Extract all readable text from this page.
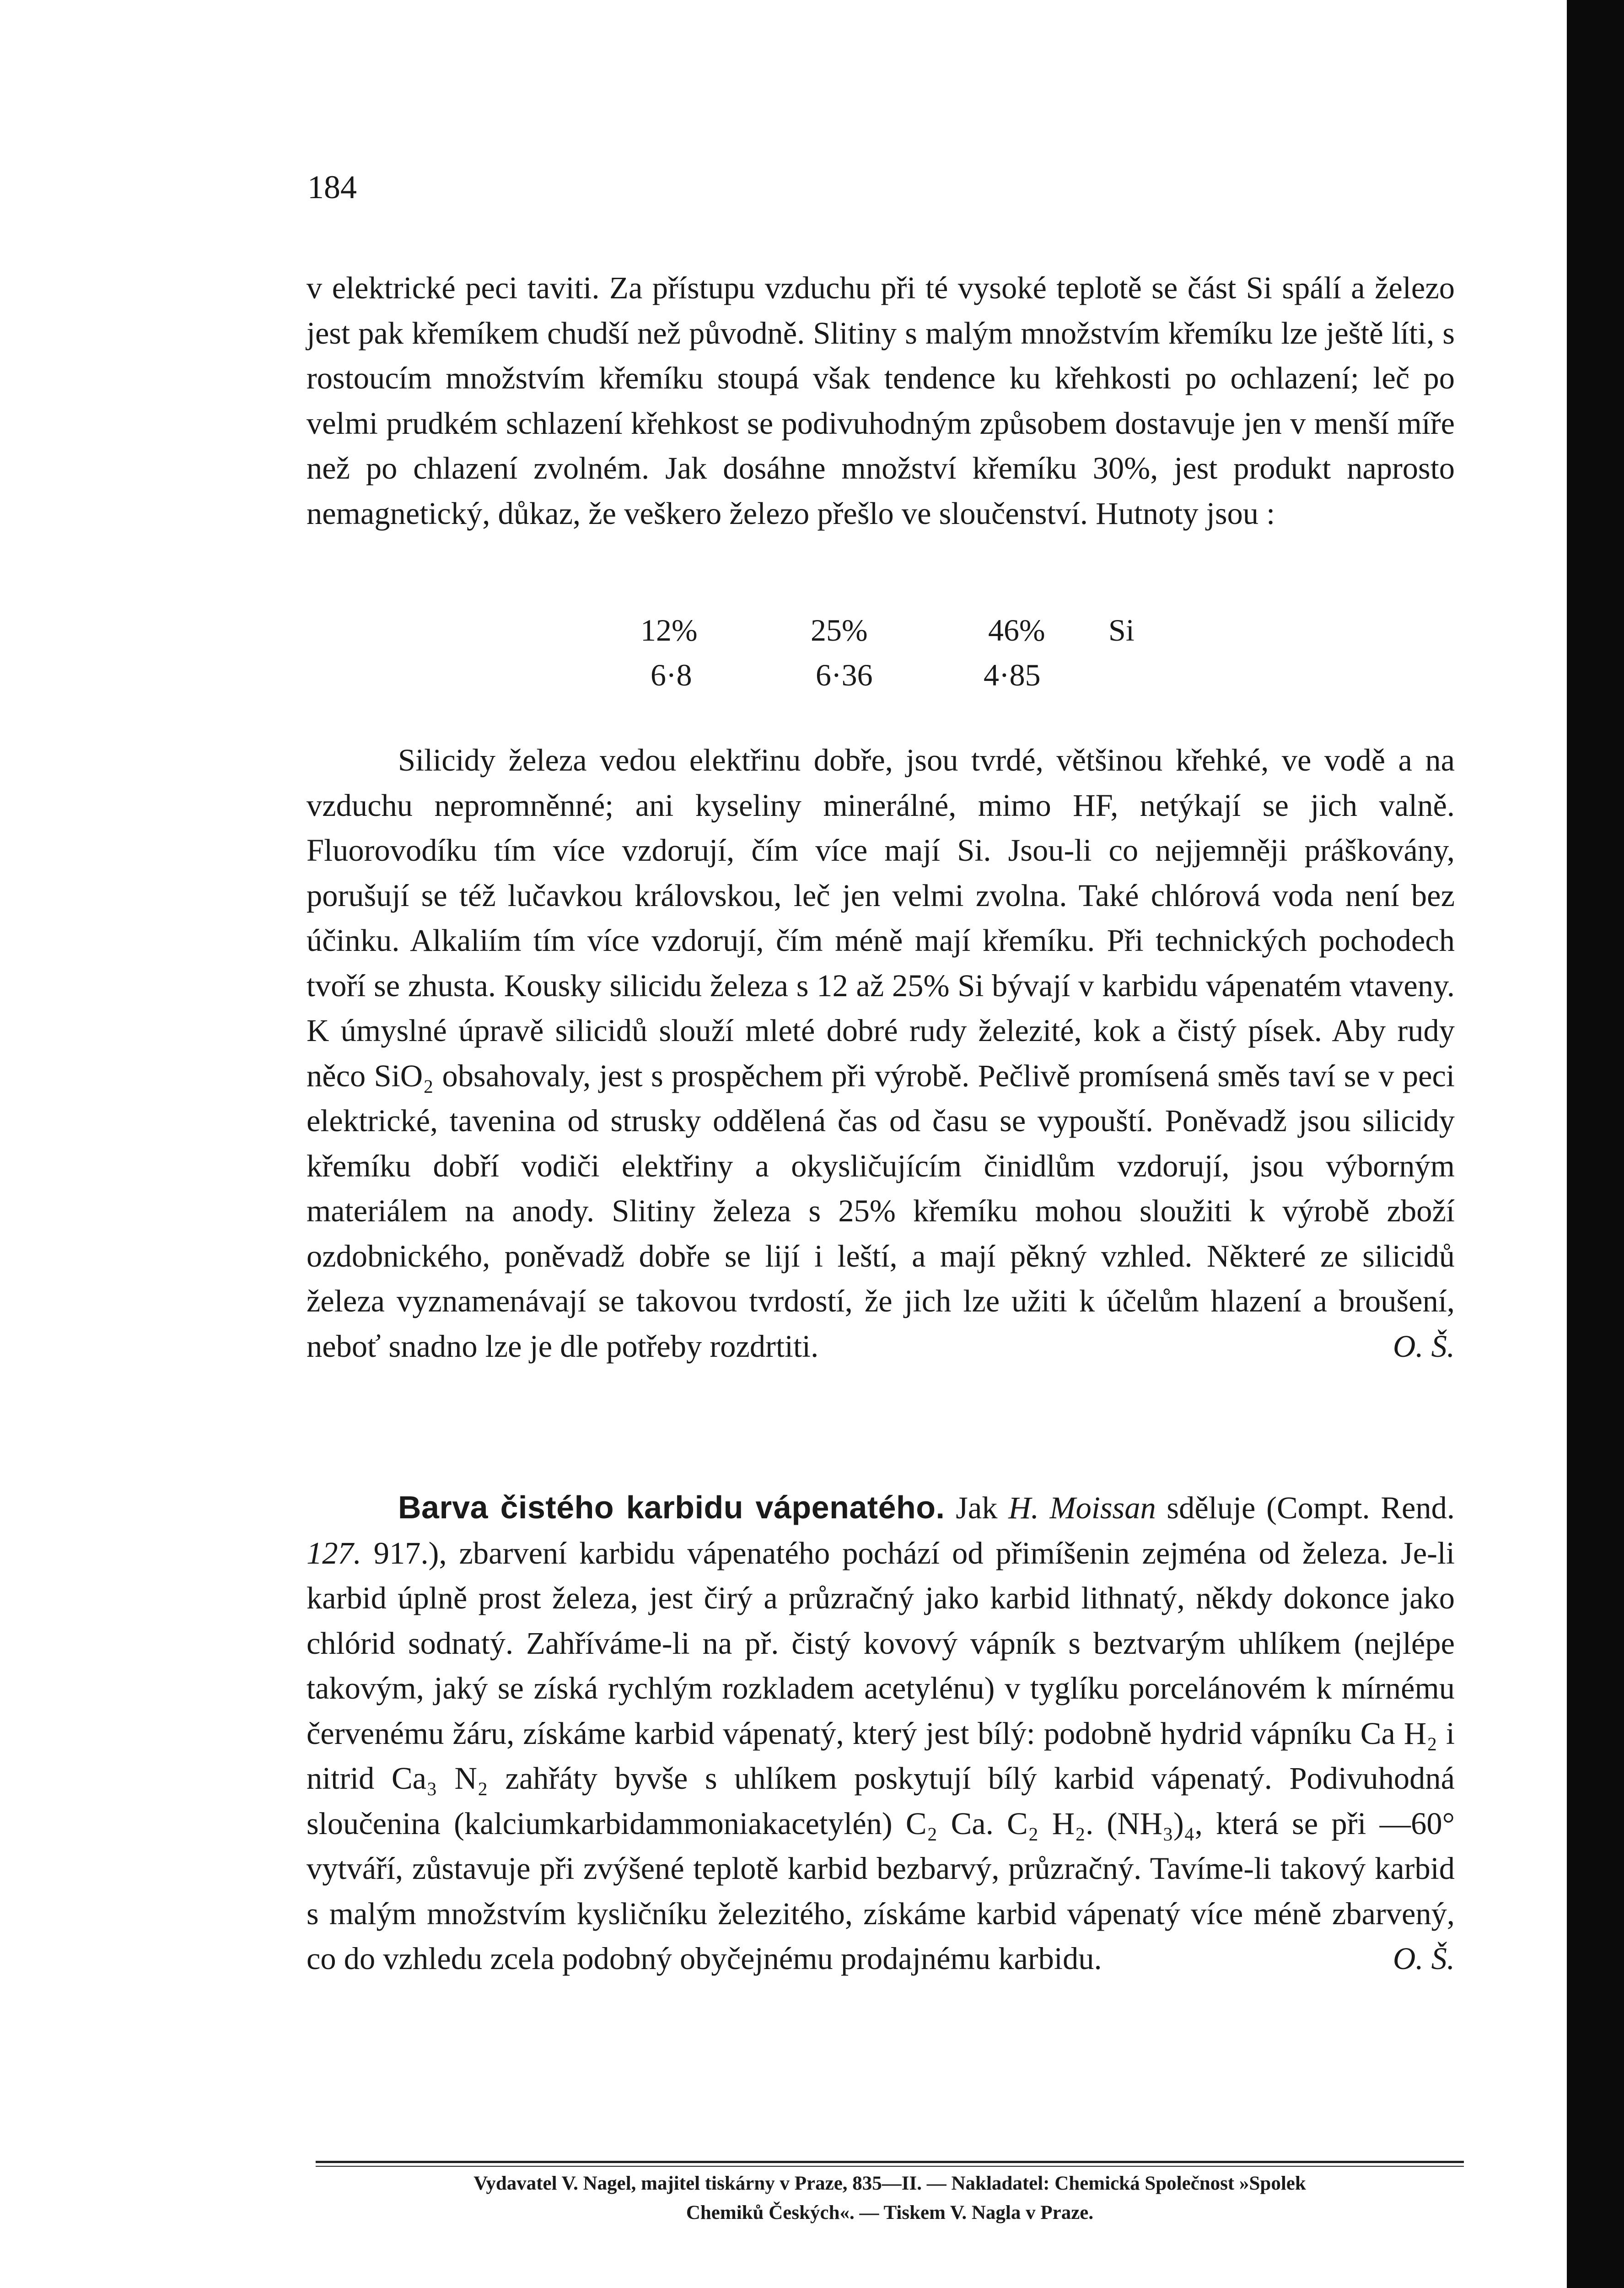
184

v elektrické peci taviti. Za přístupu vzduchu při té vysoké teplotě se část Si spálí a železo jest pak křemíkem chudší než původně. Slitiny s malým množstvím křemíku lze ještě líti, s rostoucím množstvím křemíku stoupá však tendence ku křehkosti po ochlazení; leč po velmi prudkém schlazení křehkost se podivuhodným způsobem dostavuje jen v menší míře než po chlazení zvolném. Jak dosáhne množství křemíku 30%, jest produkt naprosto nemagnetický, důkaz, že veškero železo přešlo ve sloučenství. Hutnoty jsou :

12%	25%	46% Si
6·8	6·36	4·85

Silicidy železa vedou elektřinu dobře, jsou tvrdé, většinou křehké, ve vodě a na vzduchu nepromněnné; ani kyseliny minerálné, mimo HF, netýkají se jich valně. Fluorovodíku tím více vzdorují, čím více mají Si. Jsou-li co nejjemněji práškovány, porušují se též lučavkou královskou, leč jen velmi zvolna. Také chlórová voda není bez účinku. Alkaliím tím více vzdorují, čím méně mají křemíku. Při technických pochodech tvoří se zhusta. Kousky silicidu železa s 12 až 25% Si bývají v karbidu vápenatém vtaveny. K úmyslné úpravě silicidů slouží mleté dobré rudy železité, kok a čistý písek. Aby rudy něco SiO₂ obsahovaly, jest s prospěchem při výrobě. Pečlivě promísená směs taví se v peci elektrické, tavenina od strusky oddělená čas od času se vypouští. Poněvadž jsou silicidy křemíku dobří vodiči elektřiny a okysličujícím činidlům vzdorují, jsou výborným materiálem na anody. Slitiny železa s 25% křemíku mohou sloužiti k výrobě zboží ozdobnického, poněvadž dobře se lijí i leští, a mají pěkný vzhled. Některé ze silicidů železa vyznamenávají se takovou tvrdostí, že jich lze užiti k účelům hlazení a broušení, neboť snadno lze je dle potřeby rozdrtiti.	O. Š.

Barva čistého karbidu vápenatého. Jak H. Moissan sděluje (Compt. Rend. 127. 917.), zbarvení karbidu vápenatého pochází od přimíšenin zejména od železa. Je-li karbid úplně prost železa, jest čirý a průzračný jako karbid lithnatý, někdy dokonce jako chlórid sodnatý. Zahříváme-li na př. čistý kovový vápník s beztvarým uhlíkem (nejlépe takovým, jaký se získá rychlým rozkladem acetylénu) v tyglíku porcelánovém k mírnému červenému žáru, získáme karbid vápenatý, který jest bílý: podobně hydrid vápníku Ca H₂ i nitrid Ca₃ N₂ zahřáty byvše s uhlíkem poskytují bílý karbid vápenatý. Podivuhodná sloučenina (kalciumkarbidammoniakacetylén) C₂ Ca. C₂ H₂. (NH₃)₄, která se při —60° vytváří, zůstavuje při zvýšené teplotě karbid bezbarvý, průzračný. Tavíme-li takový karbid s malým množstvím kysličníku železitého, získáme karbid vápenatý více méně zbarvený, co do vzhledu zcela podobný obyčejnému prodajnému karbidu.	O. Š.

Vydavatel V. Nagel, majitel tiskárny v Praze, 835—II. — Nakladatel: Chemická Společnost »Spolek
Chemiků Českých«. — Tiskem V. Nagla v Praze.
